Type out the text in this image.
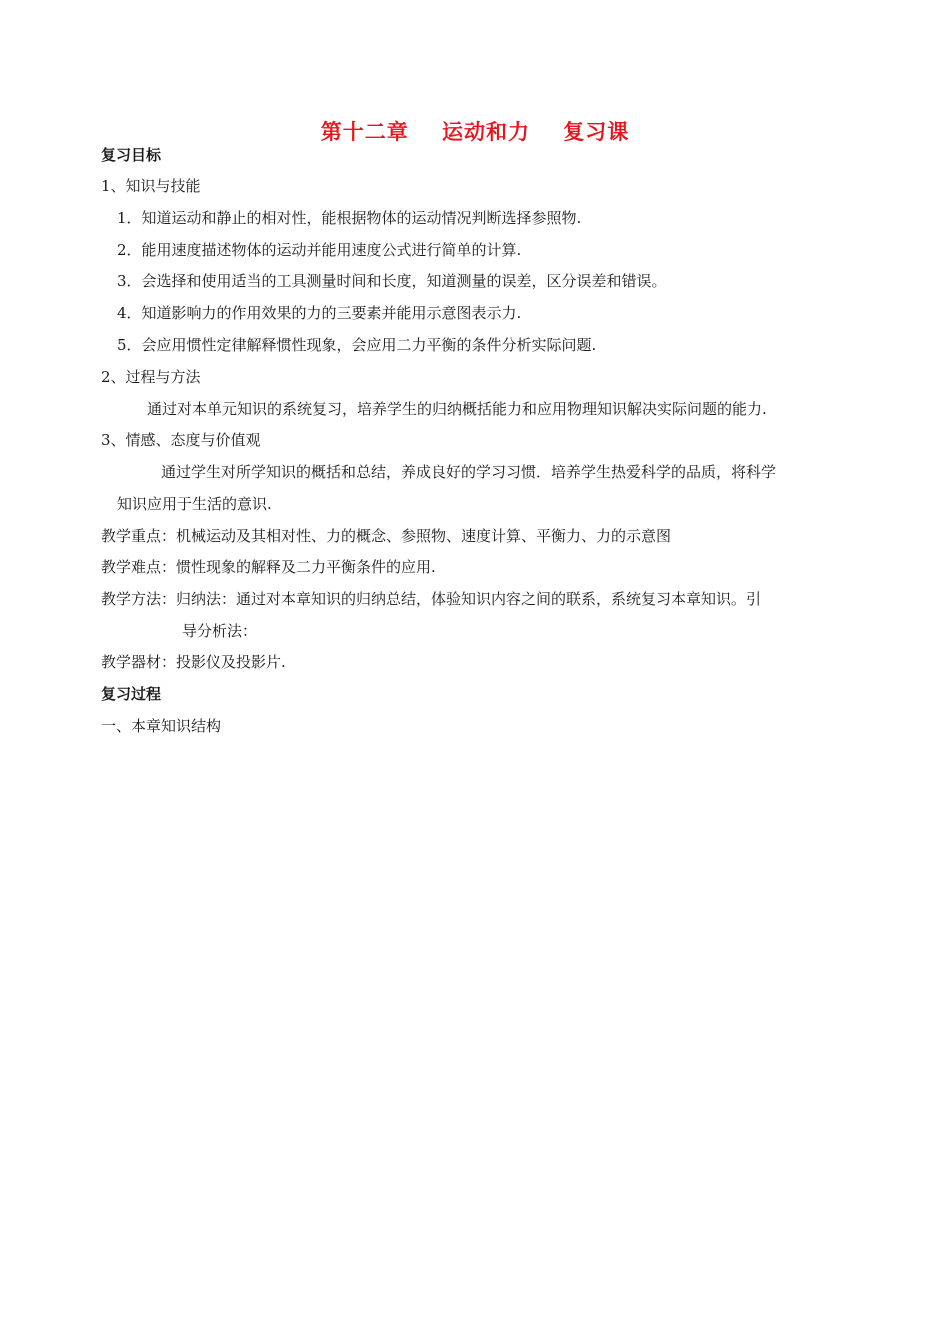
第十二章    运动和力    复习课
复习目标
1、知识与技能
1．知道运动和静止的相对性，能根据物体的运动情况判断选择参照物.
2．能用速度描述物体的运动并能用速度公式进行简单的计算.
3．会选择和使用适当的工具测量时间和长度，知道测量的误差，区分误差和错误。
4．知道影响力的作用效果的力的三要素并能用示意图表示力.
5．会应用惯性定律解释惯性现象，会应用二力平衡的条件分析实际问题.
2、过程与方法
通过对本单元知识的系统复习，培养学生的归纳概括能力和应用物理知识解决实际问题的能力.
3、情感、态度与价值观
通过学生对所学知识的概括和总结，养成良好的学习习惯．培养学生热爱科学的品质，将科学
知识应用于生活的意识.
教学重点：机械运动及其相对性、力的概念、参照物、速度计算、平衡力、力的示意图
教学难点：惯性现象的解释及二力平衡条件的应用.
教学方法：归纳法：通过对本章知识的归纳总结，体验知识内容之间的联系，系统复习本章知识。引
导分析法：
教学器材：投影仪及投影片.
复习过程
一、本章知识结构
